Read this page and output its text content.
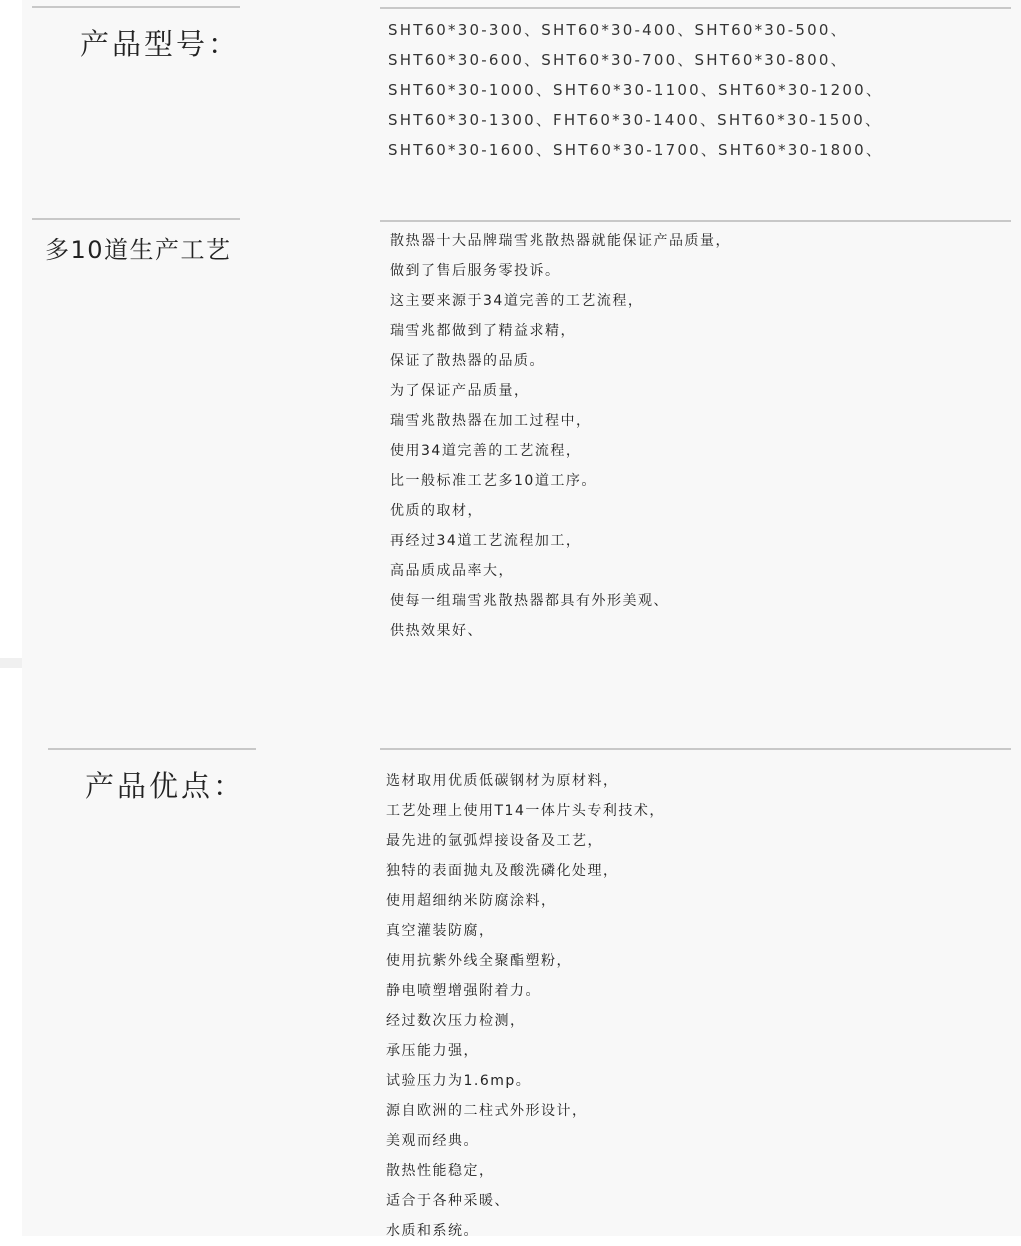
产品型号：	SHT60*30-300、SHT60*30-400、SHT60*30-500、
SHT60*30-600、SHT60*30-700、SHT60*30-800、
SHT60*30-1000、SHT60*30-1100、SHT60*30-1200、
SHT60*30-1300、FHT60*30-1400、SHT60*30-1500、
SHT60*30-1600、SHT60*30-1700、SHT60*30-1800、
多10道生产工艺	散热器十大品牌瑞雪兆散热器就能保证产品质量，
做到了售后服务零投诉。
这主要来源于34道完善的工艺流程，
瑞雪兆都做到了精益求精，
保证了散热器的品质。
为了保证产品质量，
瑞雪兆散热器在加工过程中，
使用34道完善的工艺流程，
比一般标准工艺多10道工序。
优质的取材，
再经过34道工艺流程加工，
高品质成品率大，
使每一组瑞雪兆散热器都具有外形美观、
供热效果好、
产品优点：	选材取用优质低碳钢材为原材料，
工艺处理上使用T14一体片头专利技术，
最先进的氩弧焊接设备及工艺，
独特的表面抛丸及酸洗磷化处理，
使用超细纳米防腐涂料，
真空灌装防腐，
使用抗紫外线全聚酯塑粉，
静电喷塑增强附着力。
经过数次压力检测，
承压能力强，
试验压力为1.6mp。
源自欧洲的二柱式外形设计，
美观而经典。
散热性能稳定，
适合于各种采暖、
水质和系统。
